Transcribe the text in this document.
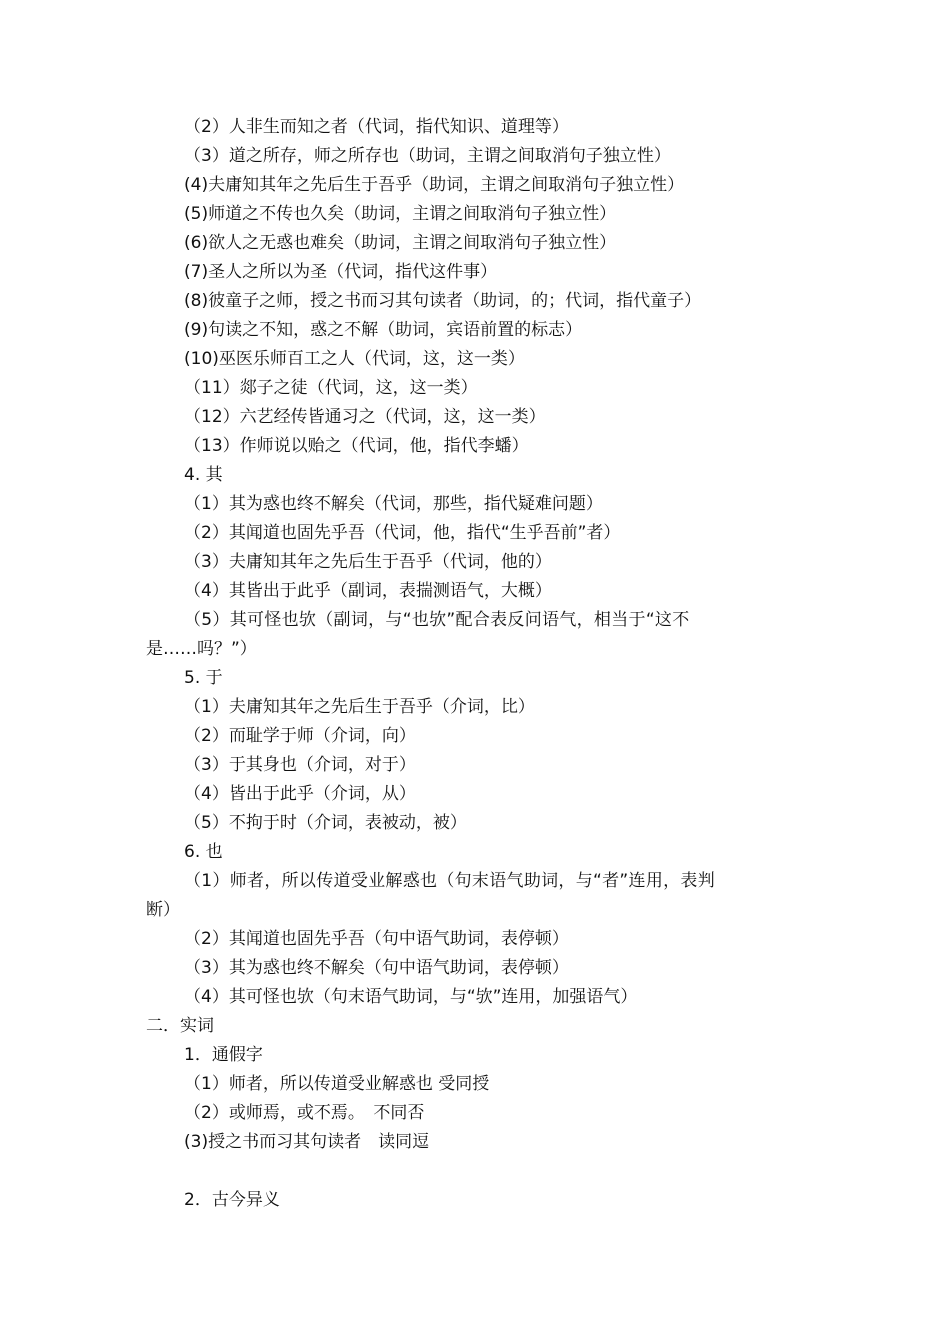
（2）人非生而知之者（代词，指代知识、道理等）
（3）道之所存，师之所存也（助词，主谓之间取消句子独立性）
(4)夫庸知其年之先后生于吾乎（助词，主谓之间取消句子独立性）
(5)师道之不传也久矣（助词，主谓之间取消句子独立性）
(6)欲人之无惑也难矣（助词，主谓之间取消句子独立性）
(7)圣人之所以为圣（代词，指代这件事）
(8)彼童子之师，授之书而习其句读者（助词，的；代词，指代童子）
(9)句读之不知，惑之不解（助词，宾语前置的标志）
(10)巫医乐师百工之人（代词，这，这一类）
（11）郯子之徒（代词，这，这一类）
（12）六艺经传皆通习之（代词，这，这一类）
（13）作师说以贻之（代词，他，指代李蟠）
4. 其
（1）其为惑也终不解矣（代词，那些，指代疑难问题）
（2）其闻道也固先乎吾（代词，他，指代“生乎吾前”者）
（3）夫庸知其年之先后生于吾乎（代词，他的）
（4）其皆出于此乎（副词，表揣测语气，大概）
（5）其可怪也欤（副词，与“也欤”配合表反问语气，相当于“这不
是……吗？”）
5. 于
（1）夫庸知其年之先后生于吾乎（介词，比）
（2）而耻学于师（介词，向）
（3）于其身也（介词，对于）
（4）皆出于此乎（介词，从）
（5）不拘于时（介词，表被动，被）
6. 也
（1）师者，所以传道受业解惑也（句末语气助词，与“者”连用，表判
断）
（2）其闻道也固先乎吾（句中语气助词，表停顿）
（3）其为惑也终不解矣（句中语气助词，表停顿）
（4）其可怪也欤（句末语气助词，与“欤”连用，加强语气）
二．实词
1．通假字
（1）师者，所以传道受业解惑也 受同授
（2）或师焉，或不焉。　不同否
(3)授之书而习其句读者　读同逗
2．古今异义
